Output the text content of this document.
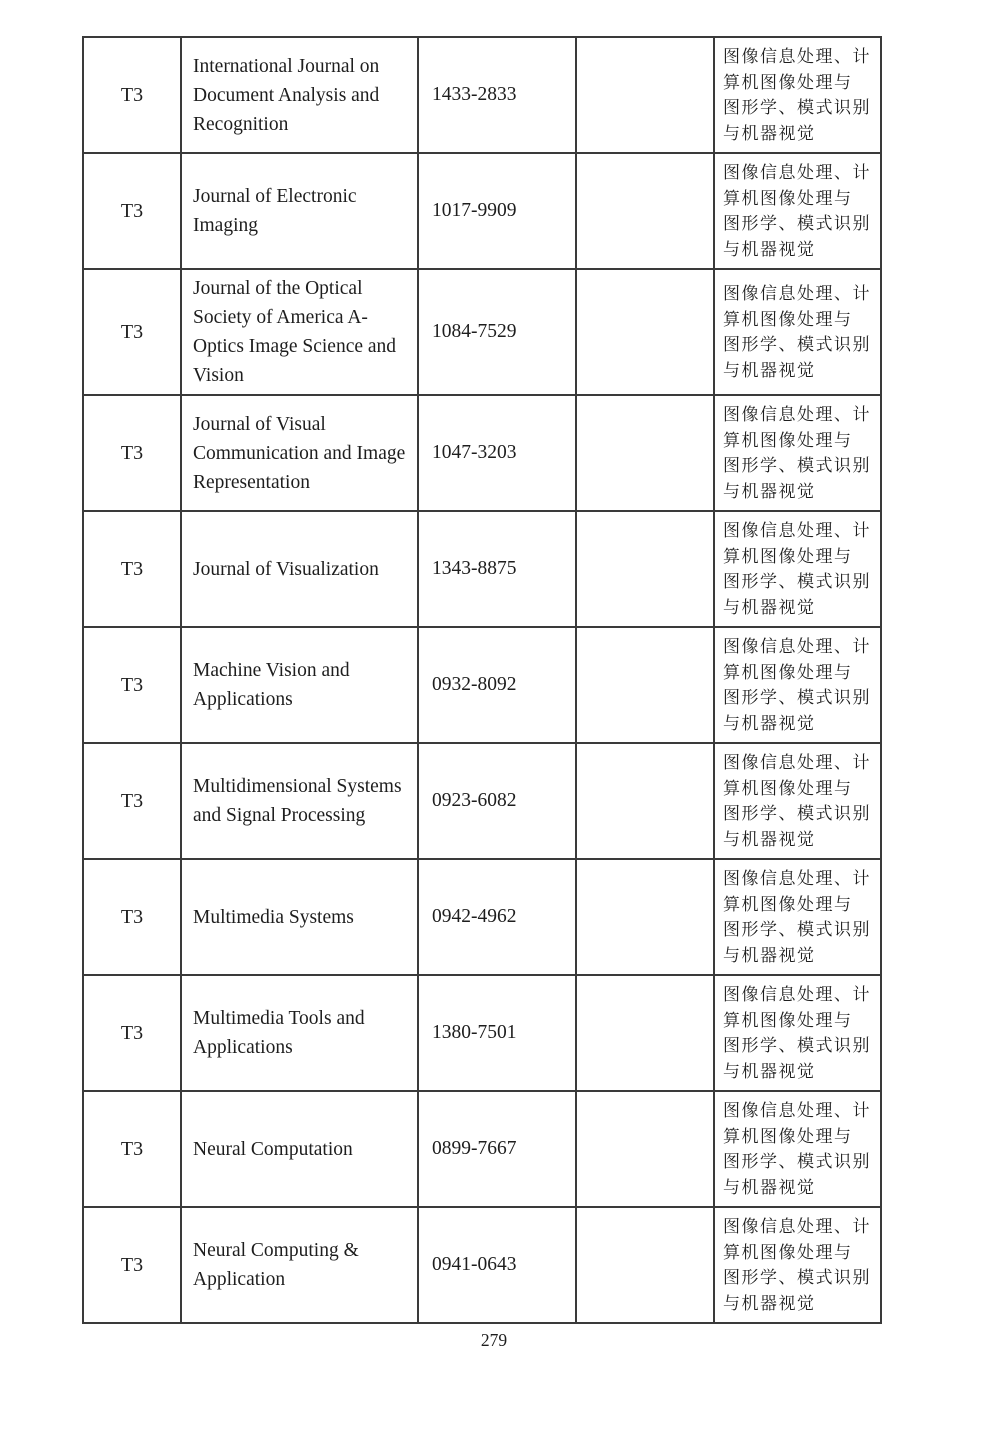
T3	International Journal on Document Analysis and Recognition	1433-2833		图像信息处理、计
算机图像处理与
图形学、模式识别
与机器视觉

T3	Journal of Electronic Imaging	1017-9909		图像信息处理、计
算机图像处理与
图形学、模式识别
与机器视觉

T3	Journal of the Optical Society of America A-Optics Image Science and Vision	1084-7529		图像信息处理、计
算机图像处理与
图形学、模式识别
与机器视觉

T3	Journal of Visual Communication and Image Representation	1047-3203		图像信息处理、计
算机图像处理与
图形学、模式识别
与机器视觉

T3	Journal of Visualization	1343-8875		图像信息处理、计
算机图像处理与
图形学、模式识别
与机器视觉

T3	Machine Vision and Applications	0932-8092		图像信息处理、计
算机图像处理与
图形学、模式识别
与机器视觉

T3	Multidimensional Systems and Signal Processing	0923-6082		图像信息处理、计
算机图像处理与
图形学、模式识别
与机器视觉

T3	Multimedia Systems	0942-4962		图像信息处理、计
算机图像处理与
图形学、模式识别
与机器视觉

T3	Multimedia Tools and Applications	1380-7501		图像信息处理、计
算机图像处理与
图形学、模式识别
与机器视觉

T3	Neural Computation	0899-7667		图像信息处理、计
算机图像处理与
图形学、模式识别
与机器视觉

T3	Neural Computing & Application	0941-0643		图像信息处理、计
算机图像处理与
图形学、模式识别
与机器视觉
279
